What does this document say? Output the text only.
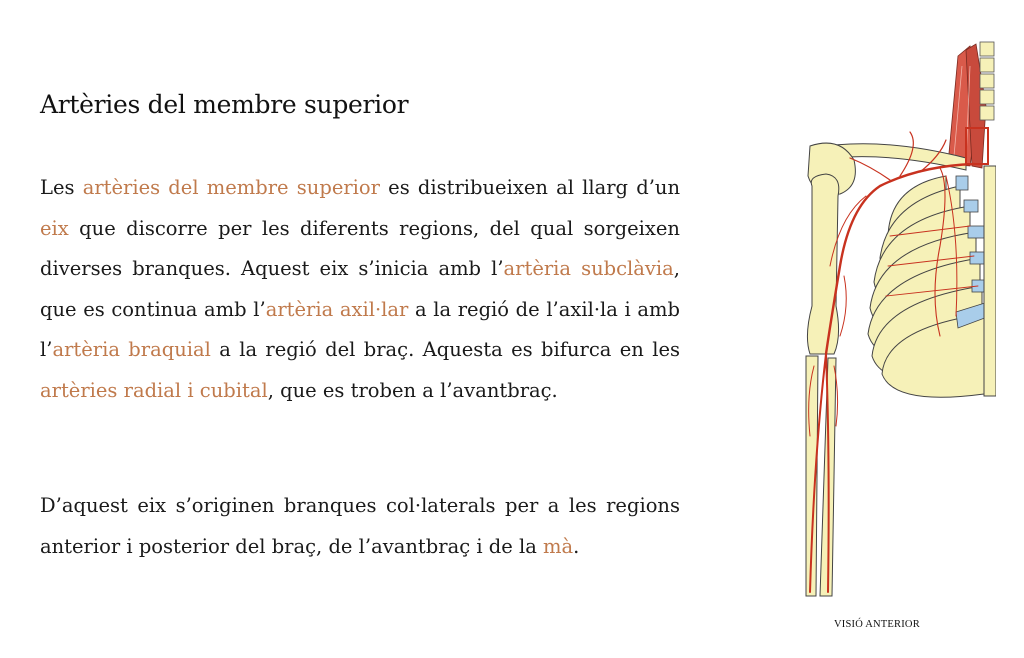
Artèries del membre superior

Les artèries del membre superior es distribueixen al llarg d’un eix que discorre per les diferents regions, del qual sorgeixen diverses branques. Aquest eix s’inicia amb l’artèria subclàvia, que es continua amb l’artèria axil·lar a la regió de l’axil·la i amb l’artèria braquial a la regió del braç. Aquesta es bifurca en les artèries radial i cubital, que es troben a l’avantbraç.

D’aquest eix s’originen branques col·laterals per a les regions anterior i posterior del braç, de l’avantbraç i de la mà.

VISIÓ ANTERIOR
